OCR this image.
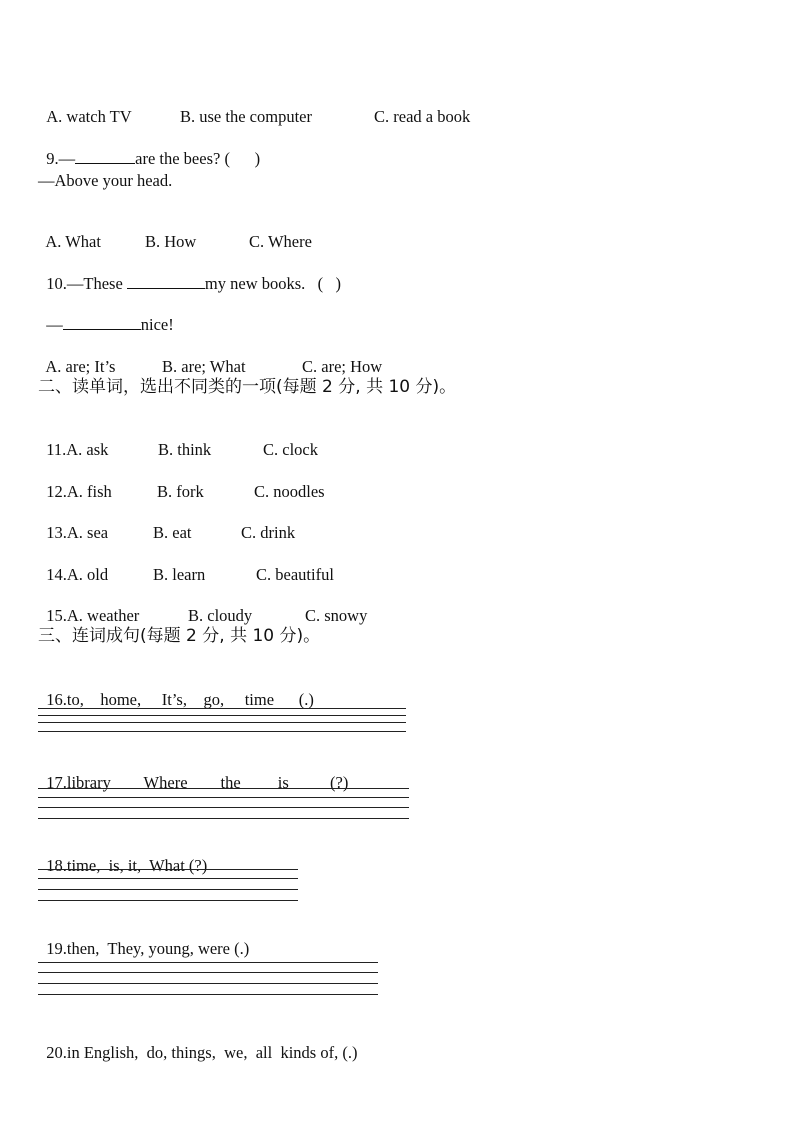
A. watch TV	B. use the computer	C. read a book

9.—	are the bees? (      )

—Above your head.

A. What	B. How	C. Where

10.—These	my new books.   (   )

—	nice!

A. are; It’s	B. are; What	C. are; How

二、读单词，选出不同类的一项(每题 2 分, 共 10 分)。

11.A. ask	B. think	C. clock

12.A. fish	B. fork	C. noodles

13.A. sea	B. eat	C. drink

14.A. old	B. learn	C. beautiful

15.A. weather	B. cloudy	C. snowy

三、连词成句(每题 2 分, 共 10 分)。

16.to,    home,     It’s,    go,     time      (.)

17.library        Where        the         is          (?)

18.time,  is, it,  What (?)

19.then,  They, young, were (.)

20.in English,  do, things,  we,  all  kinds of, (.)
